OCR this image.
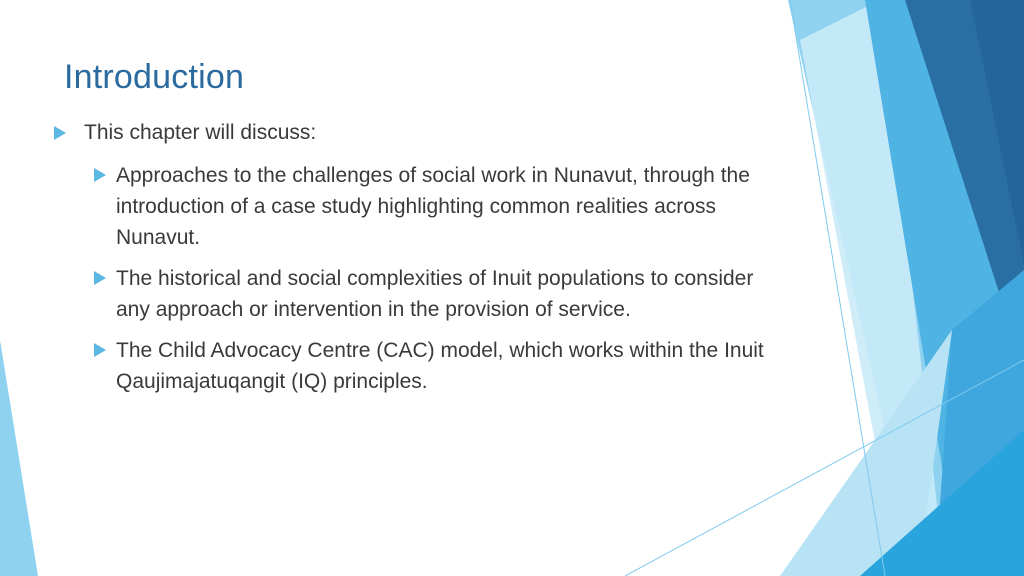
Introduction
This chapter will discuss:
Approaches to the challenges of social work in Nunavut, through the introduction of a case study highlighting common realities across Nunavut.
The historical and social complexities of Inuit populations to consider any approach or intervention in the provision of service.
The Child Advocacy Centre (CAC) model, which works within the Inuit Qaujimajatuqangit (IQ) principles.
